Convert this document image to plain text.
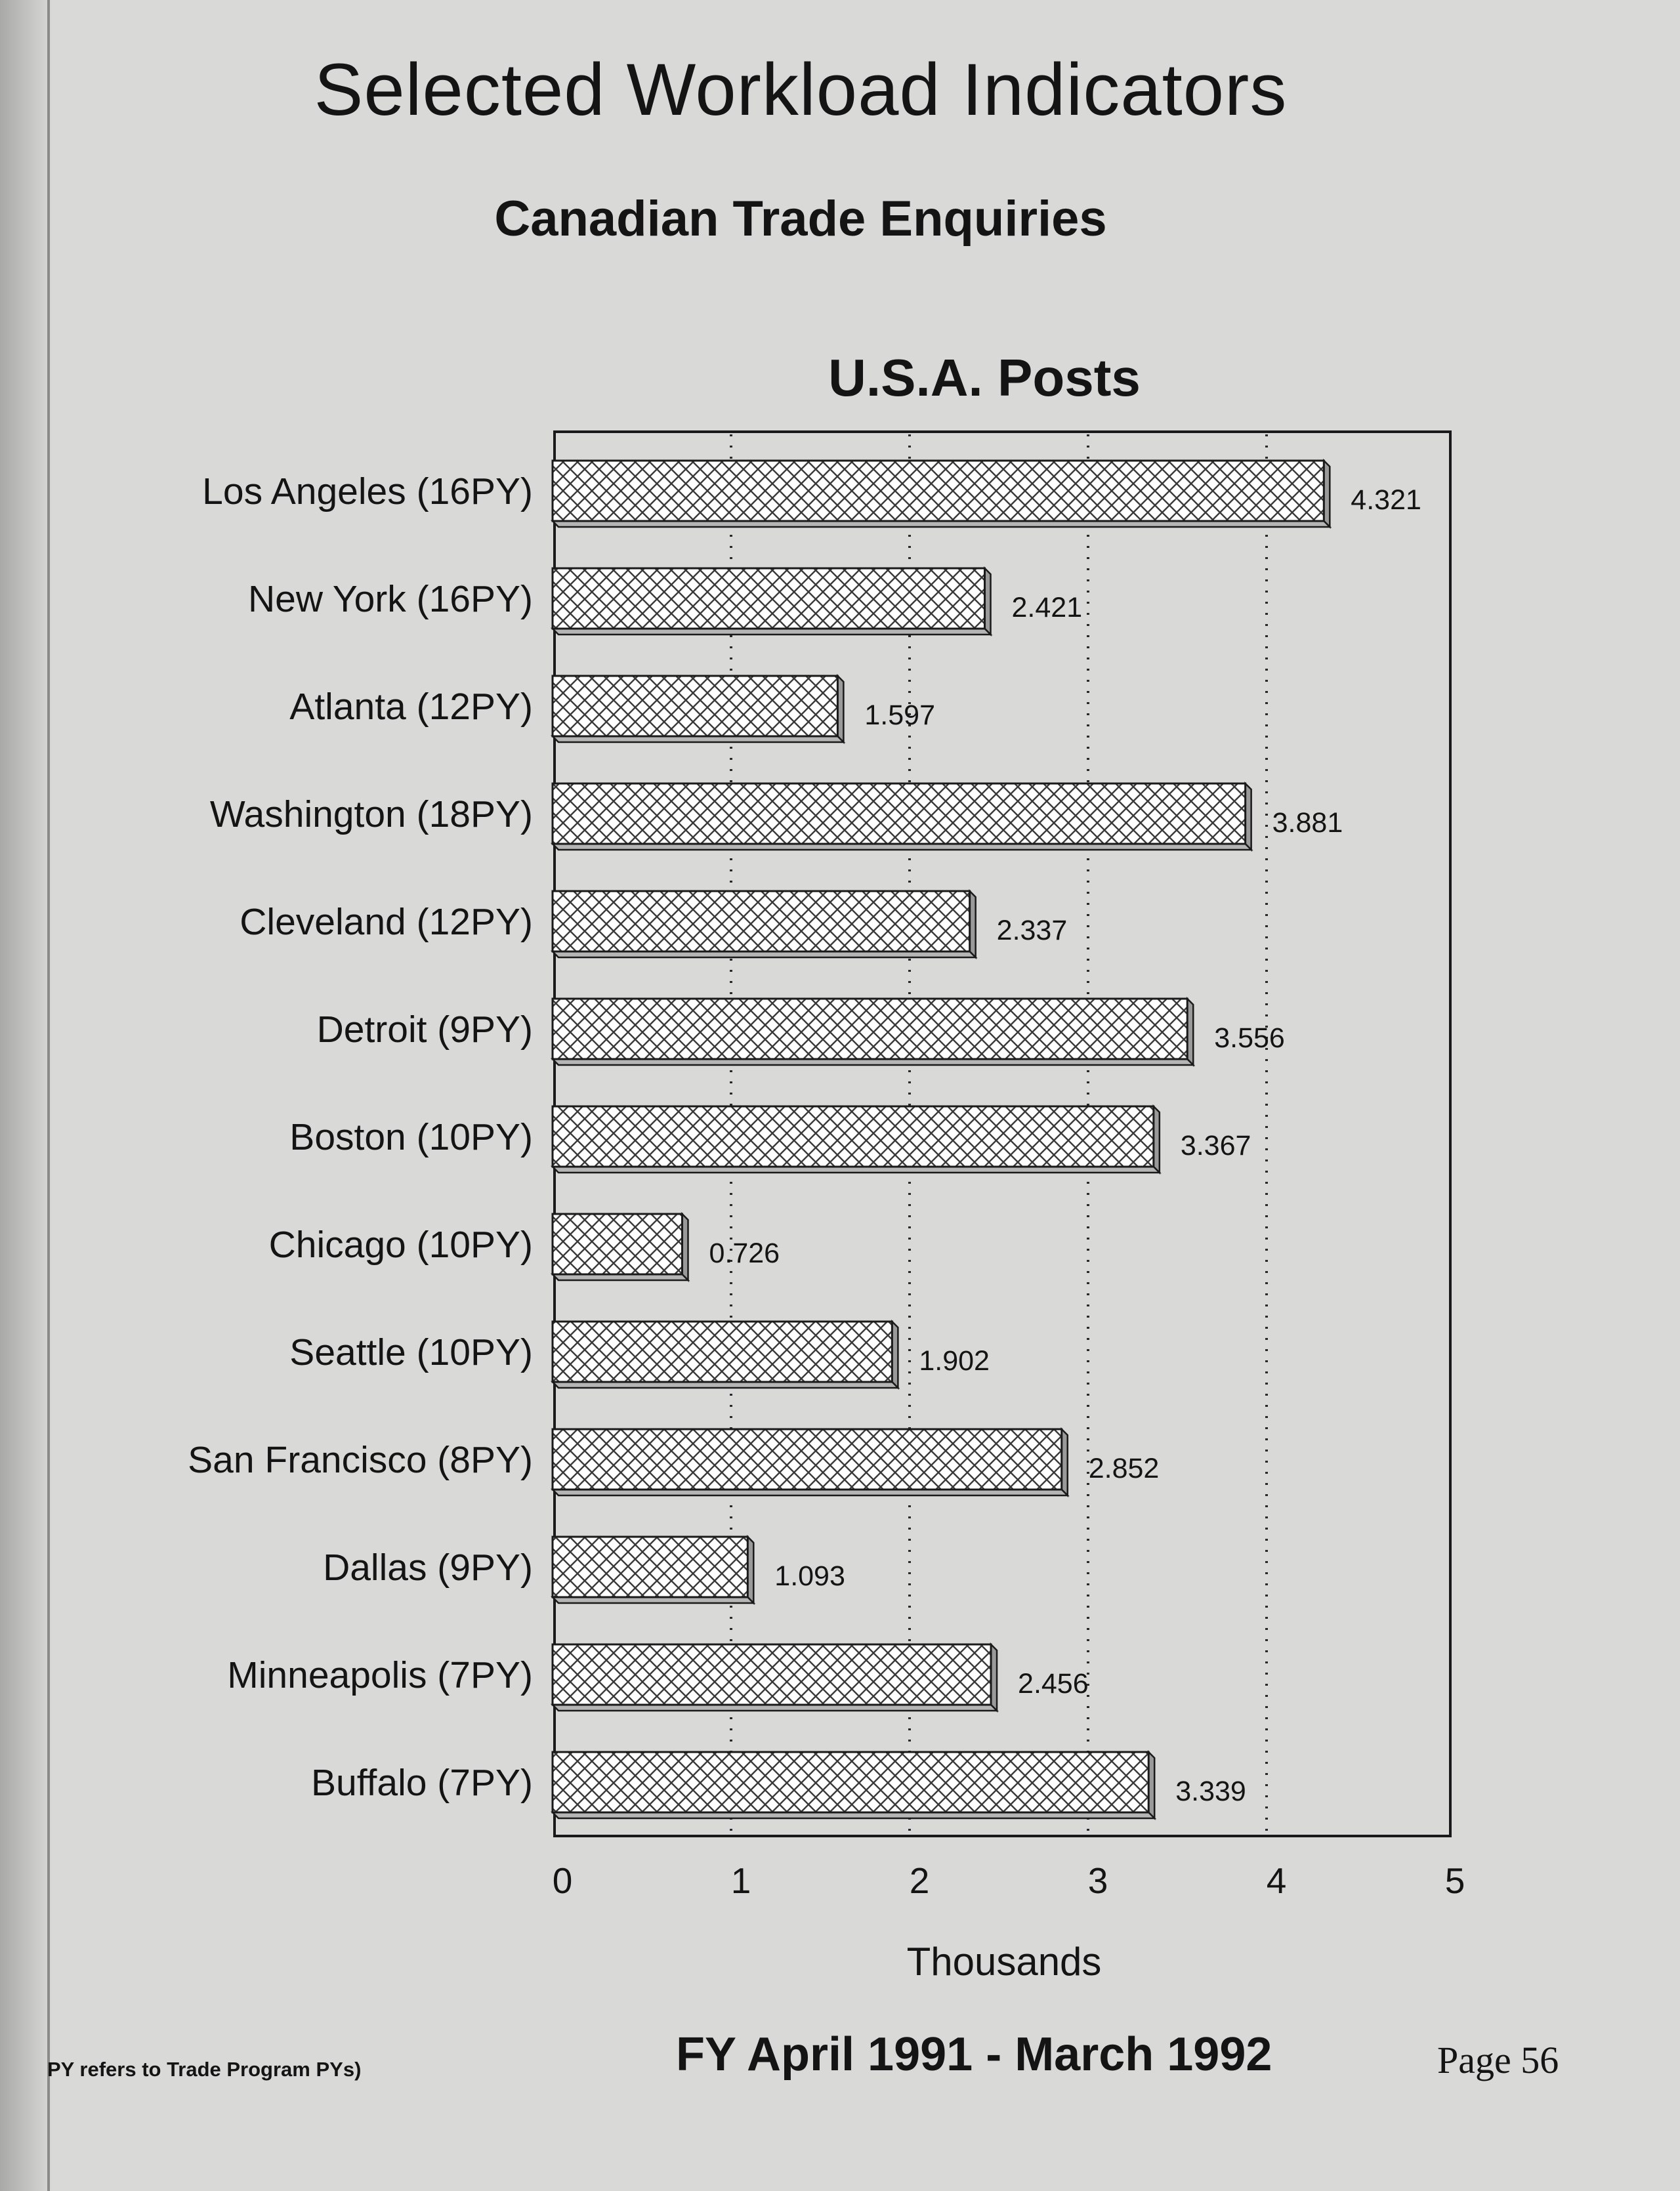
Selected Workload Indicators
Canadian Trade Enquiries
U.S.A. Posts
Los Angeles (16PY)
New York (16PY)
Atlanta (12PY)
Washington (18PY)
Cleveland (12PY)
Detroit (9PY)
Boston (10PY)
Chicago (10PY)
Seattle (10PY)
San Francisco (8PY)
Dallas (9PY)
Minneapolis (7PY)
Buffalo (7PY)
4.321
2.421
1.597
3.881
2.337
3.556
3.367
0.726
1.902
2.852
1.093
2.456
3.339
0	1	2	3	4	5
Thousands
PY refers to Trade Program PYs)	FY April 1991 - March 1992	Page 56
